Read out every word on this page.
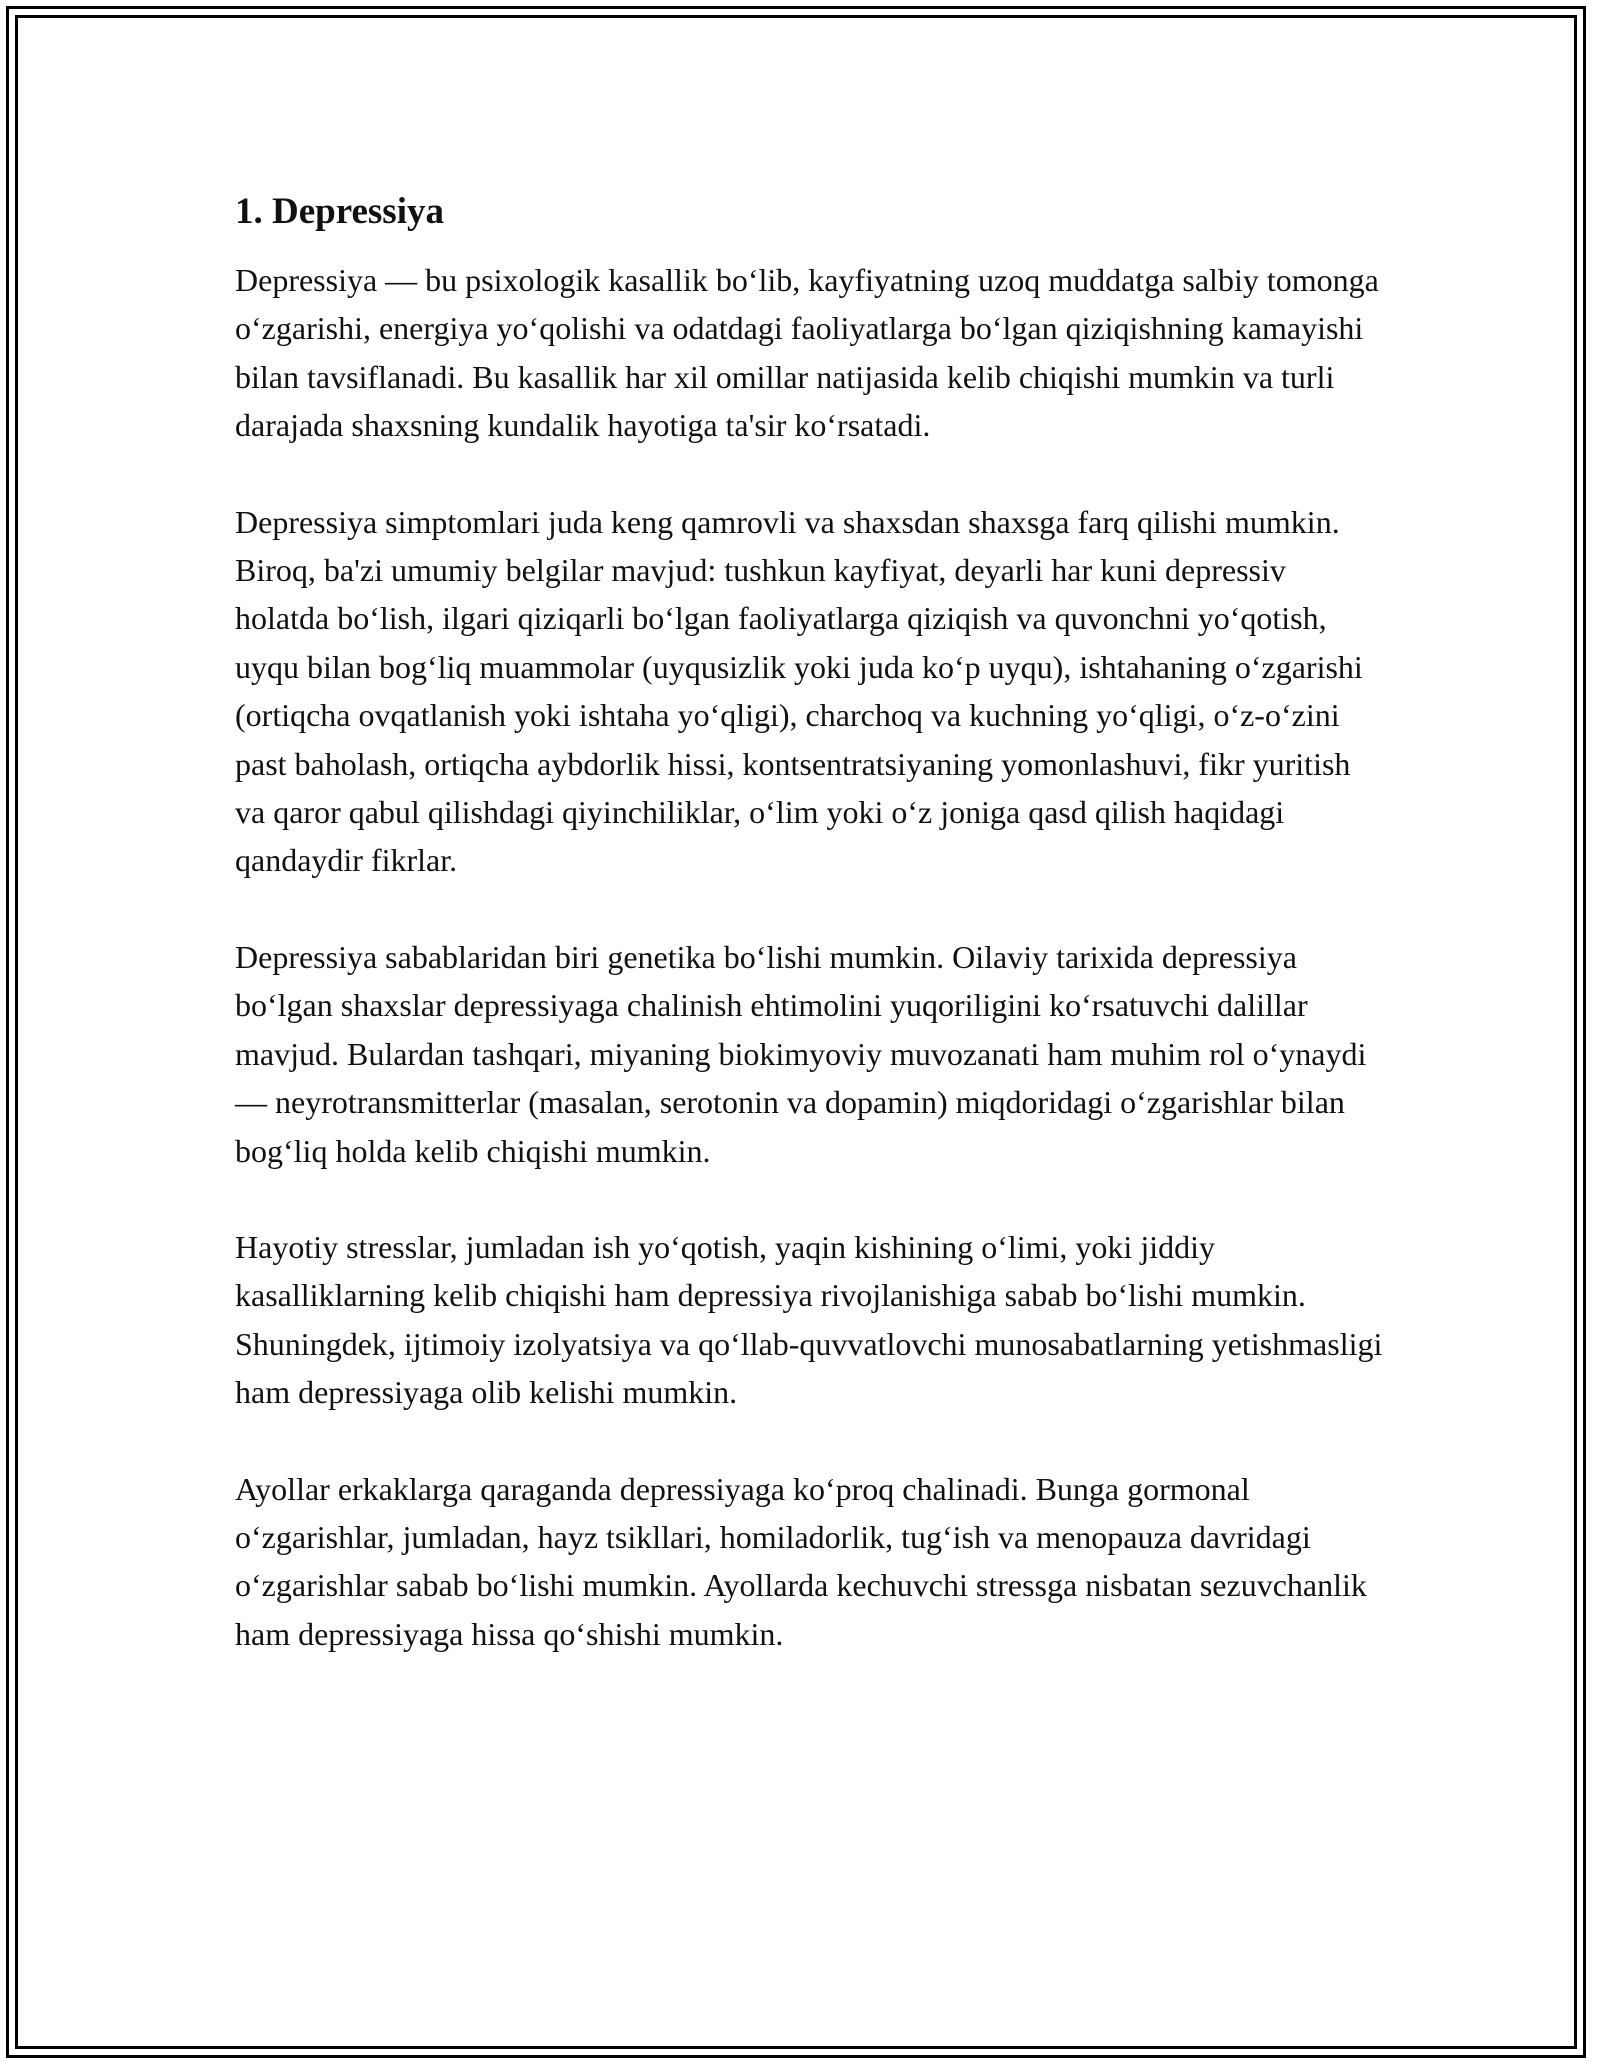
1. Depressiya

Depressiya — bu psixologik kasallik bo‘lib, kayfiyatning uzoq muddatga salbiy tomonga o‘zgarishi, energiya yo‘qolishi va odatdagi faoliyatlarga bo‘lgan qiziqishning kamayishi bilan tavsiflanadi. Bu kasallik har xil omillar natijasida kelib chiqishi mumkin va turli darajada shaxsning kundalik hayotiga ta'sir ko‘rsatadi.

Depressiya simptomlari juda keng qamrovli va shaxsdan shaxsga farq qilishi mumkin. Biroq, ba'zi umumiy belgilar mavjud: tushkun kayfiyat, deyarli har kuni depressiv holatda bo‘lish, ilgari qiziqarli bo‘lgan faoliyatlarga qiziqish va quvonchni yo‘qotish, uyqu bilan bog‘liq muammolar (uyqusizlik yoki juda ko‘p uyqu), ishtahaning o‘zgarishi (ortiqcha ovqatlanish yoki ishtaha yo‘qligi), charchoq va kuchning yo‘qligi, o‘z-o‘zini past baholash, ortiqcha aybdorlik hissi, kontsentratsiyaning yomonlashuvi, fikr yuritish va qaror qabul qilishdagi qiyinchiliklar, o‘lim yoki o‘z joniga qasd qilish haqidagi qandaydir fikrlar.

Depressiya sabablaridan biri genetika bo‘lishi mumkin. Oilaviy tarixida depressiya bo‘lgan shaxslar depressiyaga chalinish ehtimolini yuqoriligini ko‘rsatuvchi dalillar mavjud. Bulardan tashqari, miyaning biokimyoviy muvozanati ham muhim rol o‘ynaydi — neyrotransmitterlar (masalan, serotonin va dopamin) miqdoridagi o‘zgarishlar bilan bog‘liq holda kelib chiqishi mumkin.

Hayotiy stresslar, jumladan ish yo‘qotish, yaqin kishining o‘limi, yoki jiddiy kasalliklarning kelib chiqishi ham depressiya rivojlanishiga sabab bo‘lishi mumkin. Shuningdek, ijtimoiy izolyatsiya va qo‘llab-quvvatlovchi munosabatlarning yetishmasligi ham depressiyaga olib kelishi mumkin.

Ayollar erkaklarga qaraganda depressiyaga ko‘proq chalinadi. Bunga gormonal o‘zgarishlar, jumladan, hayz tsikllari, homiladorlik, tug‘ish va menopauza davridagi o‘zgarishlar sabab bo‘lishi mumkin. Ayollarda kechuvchi stressga nisbatan sezuvchanlik ham depressiyaga hissa qo‘shishi mumkin.
